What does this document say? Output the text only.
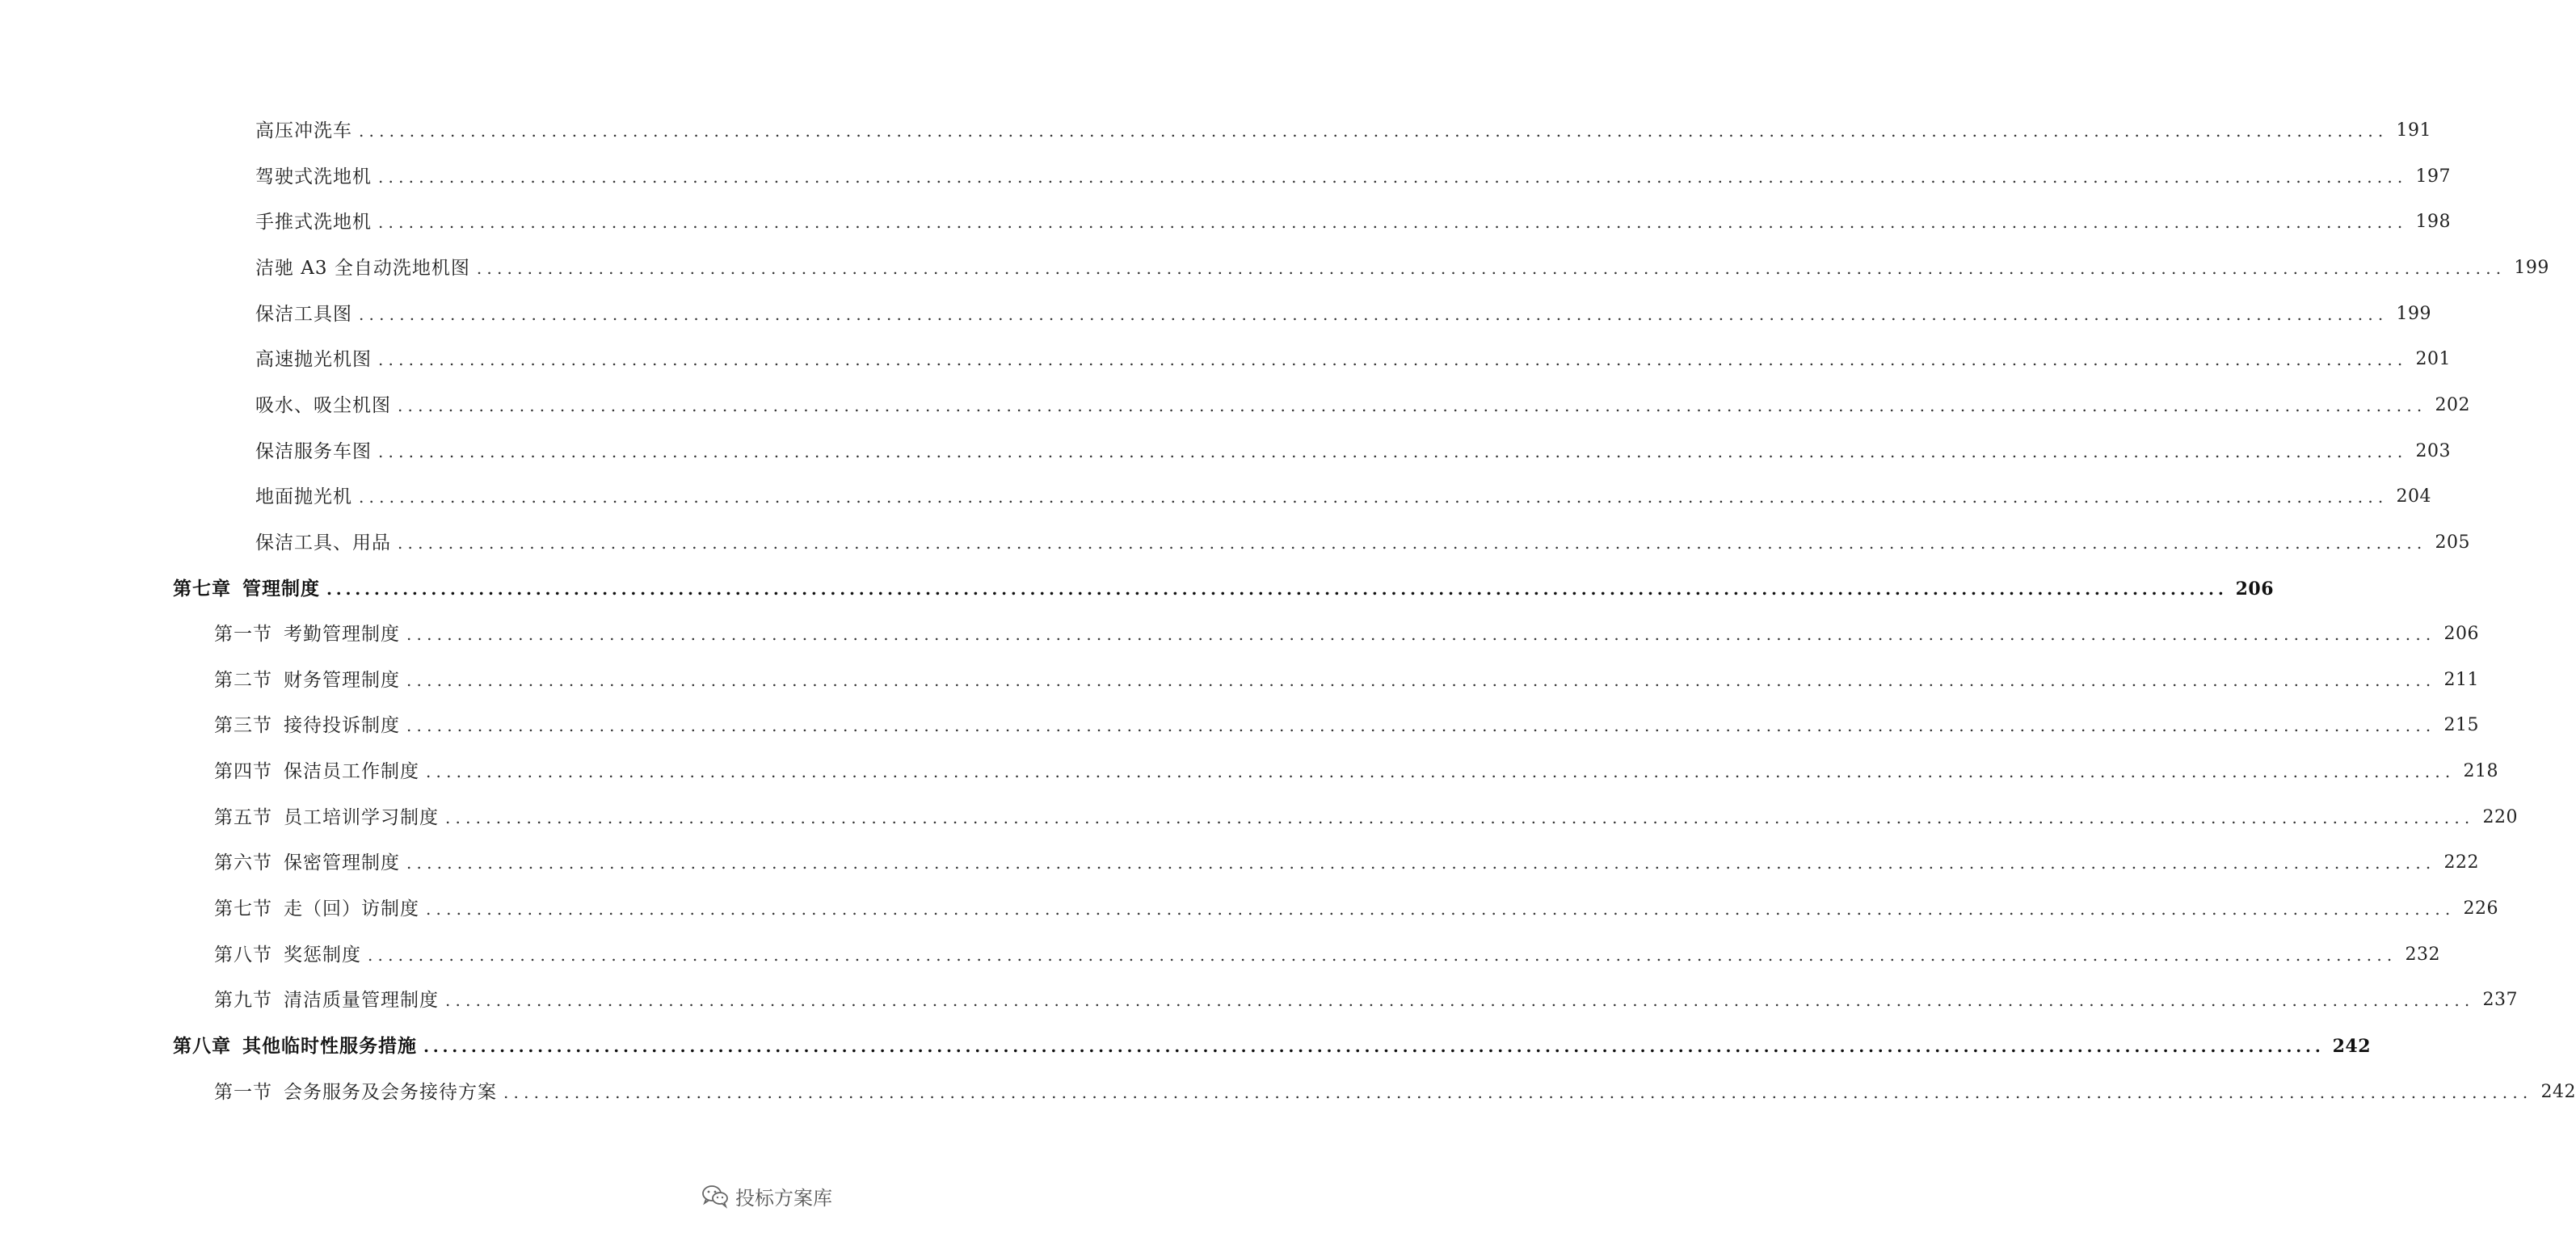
高压冲洗车 ........................................................................................................................................................................................................ 191
驾驶式洗地机 ........................................................................................................................................................................................................ 197
手推式洗地机 ........................................................................................................................................................................................................ 198
洁驰 A3 全自动洗地机图 ........................................................................................................................................................................................................ 199
保洁工具图 ........................................................................................................................................................................................................ 199
高速抛光机图 ........................................................................................................................................................................................................ 201
吸水、吸尘机图 ........................................................................................................................................................................................................ 202
保洁服务车图 ........................................................................................................................................................................................................ 203
地面抛光机 ........................................................................................................................................................................................................ 204
保洁工具、用品 ........................................................................................................................................................................................................ 205
第七章 管理制度 ........................................................................................................................................................................................................ 206
第一节 考勤管理制度 ........................................................................................................................................................................................................ 206
第二节 财务管理制度 ........................................................................................................................................................................................................ 211
第三节 接待投诉制度 ........................................................................................................................................................................................................ 215
第四节 保洁员工作制度 ........................................................................................................................................................................................................ 218
第五节 员工培训学习制度 ........................................................................................................................................................................................................ 220
第六节 保密管理制度 ........................................................................................................................................................................................................ 222
第七节 走（回）访制度 ........................................................................................................................................................................................................ 226
第八节 奖惩制度 ........................................................................................................................................................................................................ 232
第九节 清洁质量管理制度 ........................................................................................................................................................................................................ 237
第八章 其他临时性服务措施 ........................................................................................................................................................................................................ 242
第一节 会务服务及会务接待方案 ........................................................................................................................................................................................................ 242
投标方案库
